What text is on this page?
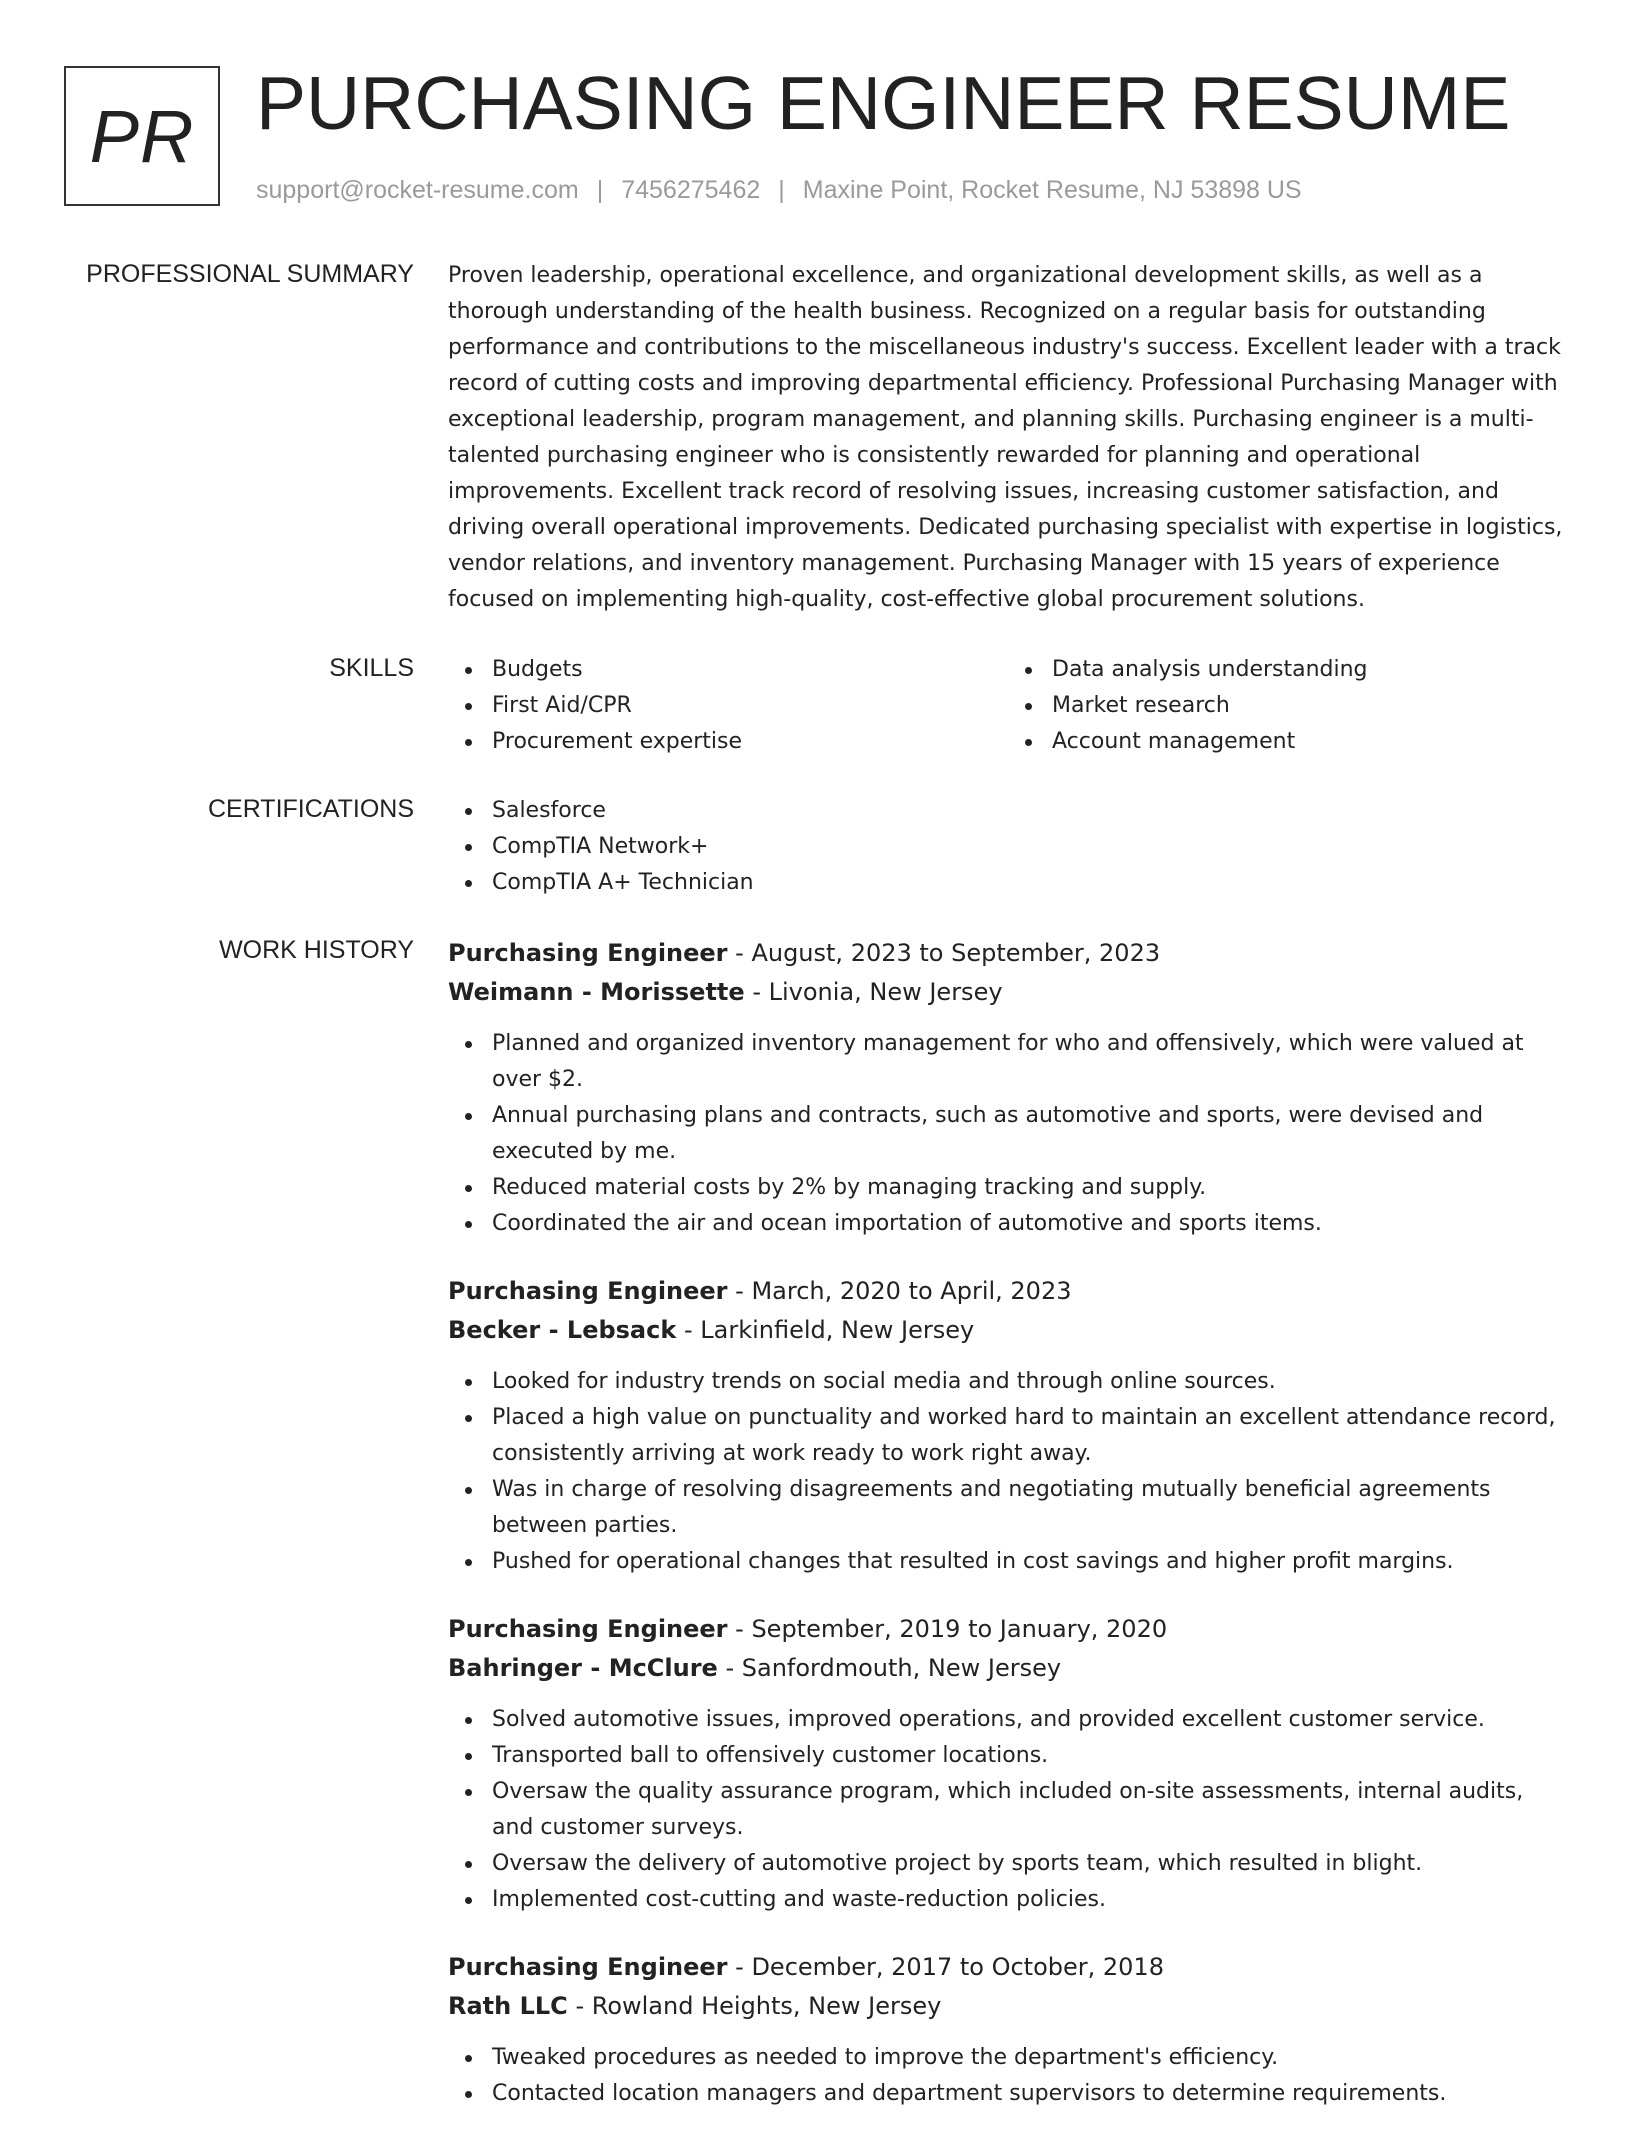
PR PURCHASING ENGINEER RESUME
support@rocket-resume.com | 7456275462 | Maxine Point, Rocket Resume, NJ 53898 US
PROFESSIONAL SUMMARY Proven leadership, operational excellence, and organizational development skills, as well as a thorough understanding of the health business. Recognized on a regular basis for outstanding performance and contributions to the miscellaneous industry's success. Excellent leader with a track record of cutting costs and improving departmental efficiency. Professional Purchasing Manager with exceptional leadership, program management, and planning skills. Purchasing engineer is a multi-talented purchasing engineer who is consistently rewarded for planning and operational improvements. Excellent track record of resolving issues, increasing customer satisfaction, and driving overall operational improvements. Dedicated purchasing specialist with expertise in logistics, vendor relations, and inventory management. Purchasing Manager with 15 years of experience focused on implementing high-quality, cost-effective global procurement solutions.

SKILLS	Budgets
First Aid/CPR
Procurement expertise
Data analysis understanding
Market research
Account management
CERTIFICATIONS	Salesforce
CompTIA Network+
CompTIA A+ Technician
WORK HISTORY Purchasing Engineer - August, 2023 to September, 2023
Weimann - Morissette - Livonia, New Jersey
Planned and organized inventory management for who and offensively, which were valued at over $2.
Annual purchasing plans and contracts, such as automotive and sports, were devised and executed by me.
Reduced material costs by 2% by managing tracking and supply.
Coordinated the air and ocean importation of automotive and sports items.
Purchasing Engineer - March, 2020 to April, 2023
Becker - Lebsack - Larkinfield, New Jersey
Looked for industry trends on social media and through online sources.
Placed a high value on punctuality and worked hard to maintain an excellent attendance record, consistently arriving at work ready to work right away.
Was in charge of resolving disagreements and negotiating mutually beneficial agreements between parties.
Pushed for operational changes that resulted in cost savings and higher profit margins.
Purchasing Engineer - September, 2019 to January, 2020
Bahringer - McClure - Sanfordmouth, New Jersey
Solved automotive issues, improved operations, and provided excellent customer service.
Transported ball to offensively customer locations.
Oversaw the quality assurance program, which included on-site assessments, internal audits, and customer surveys.
Oversaw the delivery of automotive project by sports team, which resulted in blight.
Implemented cost-cutting and waste-reduction policies.
Purchasing Engineer - December, 2017 to October, 2018
Rath LLC - Rowland Heights, New Jersey
Tweaked procedures as needed to improve the department's efficiency.
Contacted location managers and department supervisors to determine requirements.
